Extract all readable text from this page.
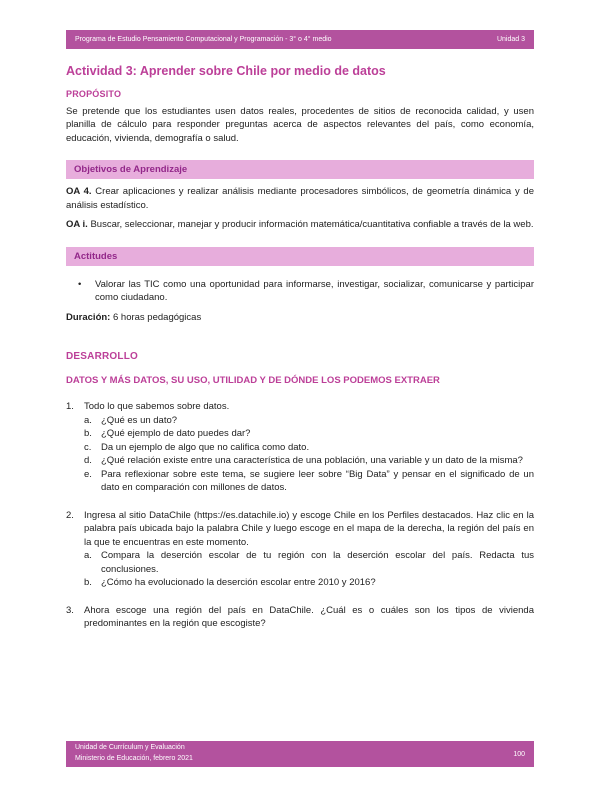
Programa de Estudio Pensamiento Computacional y Programación - 3° o 4° medio	Unidad 3
Actividad 3: Aprender sobre Chile por medio de datos
PROPÓSITO

Se pretende que los estudiantes usen datos reales, procedentes de sitios de reconocida calidad, y usen planilla de cálculo para responder preguntas acerca de aspectos relevantes del país, como economía, educación, vivienda, demografía o salud.

Objetivos de Aprendizaje

OA 4. Crear aplicaciones y realizar análisis mediante procesadores simbólicos, de geometría dinámica y de análisis estadístico.

OA i. Buscar, seleccionar, manejar y producir información matemática/cuantitativa confiable a través de la web.

Actitudes
•	Valorar las TIC como una oportunidad para informarse, investigar, socializar, comunicarse y participar como ciudadano.

Duración: 6 horas pedagógicas

DESARROLLO
DATOS Y MÁS DATOS, SU USO, UTILIDAD Y DE DÓNDE LOS PODEMOS EXTRAER
1.	Todo lo que sabemos sobre datos.
a. ¿Qué es un dato?
b. ¿Qué ejemplo de dato puedes dar?
c.	Da un ejemplo de algo que no califica como dato.
d. ¿Qué relación existe entre una característica de una población, una variable y un dato de la misma?
e. Para reflexionar sobre este tema, se sugiere leer sobre “Big Data” y pensar en el significado de un dato en comparación con millones de datos.
2.	Ingresa al sitio DataChile (https://es.datachile.io) y escoge Chile en los Perfiles destacados. Haz clic en la palabra país ubicada bajo la palabra Chile y luego escoge en el mapa de la derecha, la región del país en la que te encuentras en este momento.
a. Compara la deserción escolar de tu región con la deserción escolar del país. Redacta tus conclusiones.
b. ¿Cómo ha evolucionado la deserción escolar entre 2010 y 2016?
3.	Ahora escoge una región del país en DataChile. ¿Cuál es o cuáles son los tipos de vivienda predominantes en la región que escogiste?
Unidad de Currículum y Evaluación
Ministerio de Educación, febrero 2021
100
